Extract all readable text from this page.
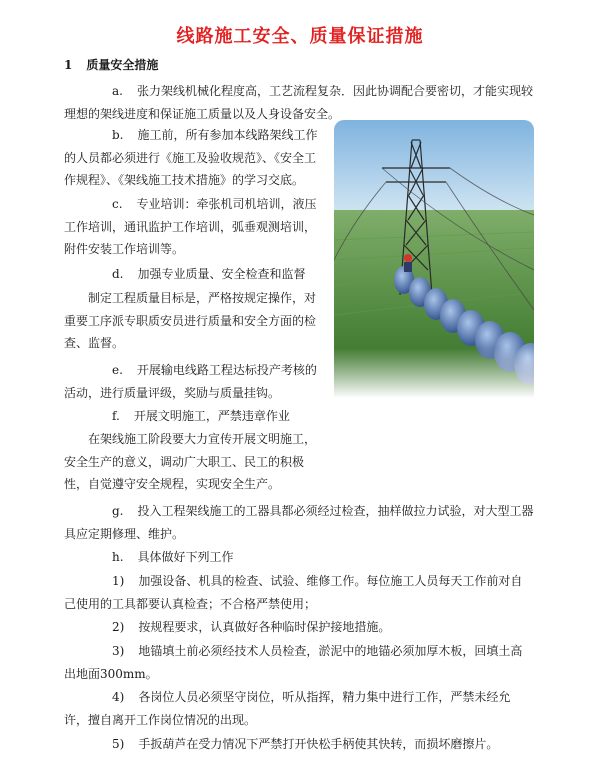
线路施工安全、质量保证措施
1 质量安全措施

a. 张力架线机械化程度高，工艺流程复杂．因此协调配合要密切，才能实现较理想的架线进度和保证施工质量以及人身设备安全。

b. 施工前，所有参加本线路架线工作的人员都必须进行《施工及验收规范》、《安全工作规程》、《架线施工技术措施》的学习交底。

c. 专业培训：牵张机司机培训，液压工作培训，通讯监护工作培训，弧垂观测培训，附件安装工作培训等。

d. 加强专业质量、安全检查和监督

制定工程质量目标是，严格按规定操作，对重要工序派专职质安员进行质量和安全方面的检查、监督。

e. 开展输电线路工程达标投产考核的活动，进行质量评级，奖励与质量挂钩。

f. 开展文明施工，严禁违章作业

在架线施工阶段要大力宣传开展文明施工，安全生产的意义，调动广大职工、民工的积极性，自觉遵守安全规程，实现安全生产。

g. 投入工程架线施工的工器具都必须经过检查，抽样做拉力试验，对大型工器具应定期修理、维护。

h. 具体做好下列工作

1) 加强设备、机具的检查、试验、维修工作。每位施工人员每天工作前对自己使用的工具都要认真检查；不合格严禁使用；

2) 按规程要求，认真做好各种临时保护接地措施。

3) 地锚填土前必须经技术人员检查，淤泥中的地锚必须加厚木板，回填土高出地面300mm。

4) 各岗位人员必须坚守岗位，听从指挥，精力集中进行工作，严禁未经允许，擅自离开工作岗位情况的出现。

5) 手扳葫芦在受力情况下严禁打开快松手柄使其快转，而损坏磨擦片。
